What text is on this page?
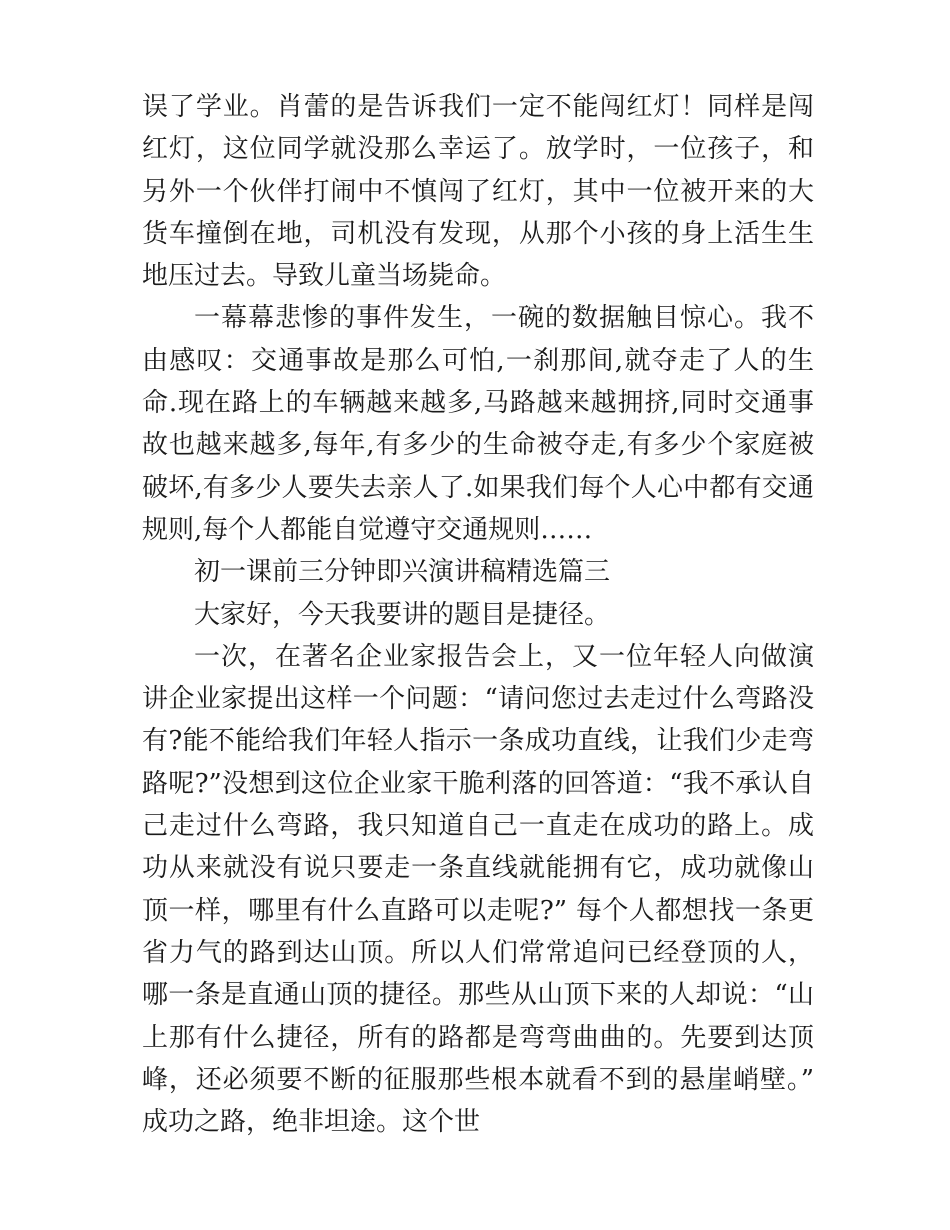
误了学业。肖蕾的是告诉我们一定不能闯红灯！同样是闯红灯，这位同学就没那么幸运了。放学时，一位孩子，和另外一个伙伴打闹中不慎闯了红灯，其中一位被开来的大货车撞倒在地，司机没有发现，从那个小孩的身上活生生地压过去。导致儿童当场毙命。

一幕幕悲惨的事件发生，一碗的数据触目惊心。我不由感叹：交通事故是那么可怕,一刹那间,就夺走了人的生命.现在路上的车辆越来越多,马路越来越拥挤,同时交通事故也越来越多,每年,有多少的生命被夺走,有多少个家庭被破坏,有多少人要失去亲人了.如果我们每个人心中都有交通规则,每个人都能自觉遵守交通规则……

初一课前三分钟即兴演讲稿精选篇三

大家好，今天我要讲的题目是捷径。

一次，在著名企业家报告会上，又一位年轻人向做演讲企业家提出这样一个问题：“请问您过去走过什么弯路没有?能不能给我们年轻人指示一条成功直线，让我们少走弯路呢?”没想到这位企业家干脆利落的回答道：“我不承认自己走过什么弯路，我只知道自己一直走在成功的路上。成功从来就没有说只要走一条直线就能拥有它，成功就像山顶一样，哪里有什么直路可以走呢?” 每个人都想找一条更省力气的路到达山顶。所以人们常常追问已经登顶的人，哪一条是直通山顶的捷径。那些从山顶下来的人却说：“山上那有什么捷径，所有的路都是弯弯曲曲的。先要到达顶峰，还必须要不断的征服那些根本就看不到的悬崖峭壁。” 成功之路，绝非坦途。这个世
